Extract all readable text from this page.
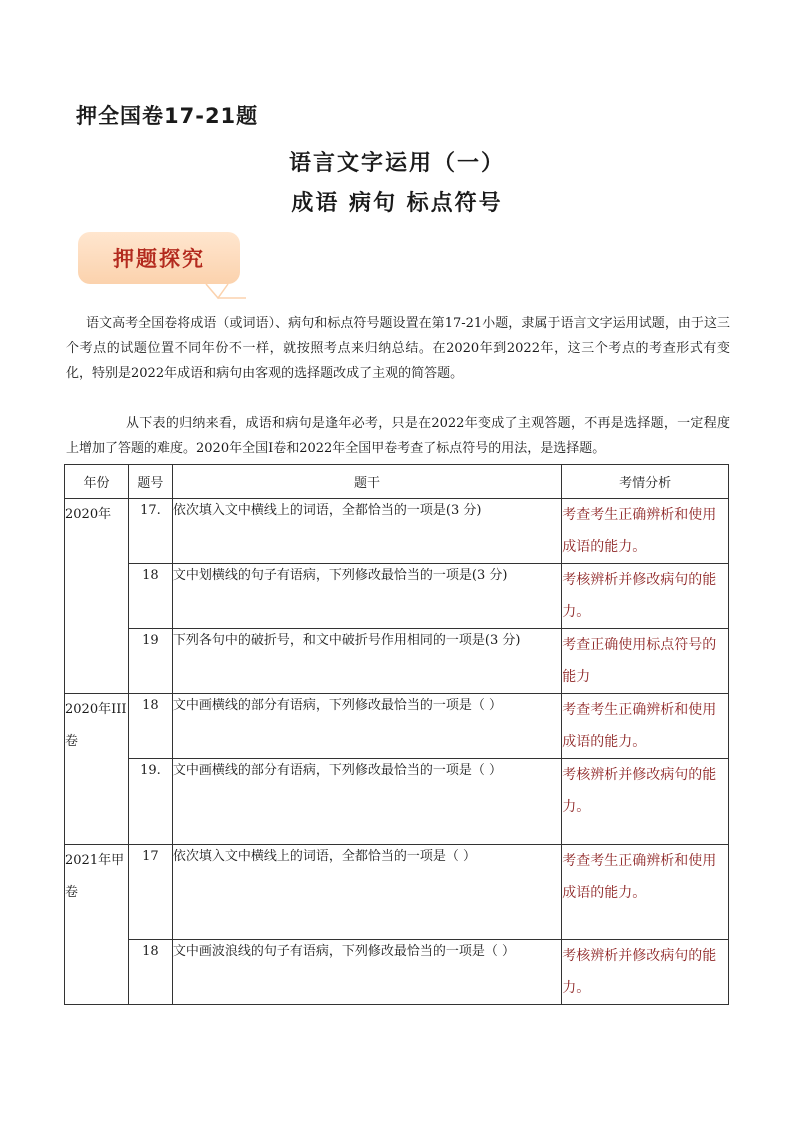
押全国卷17-21题
语言文字运用（一）
成语 病句 标点符号
押题探究
语文高考全国卷将成语（或词语）、病句和标点符号题设置在第17-21小题，隶属于语言文字运用试题，由于这三个考点的试题位置不同年份不一样，就按照考点来归纳总结。在2020年到2022年，这三个考点的考查形式有变化，特别是2022年成语和病句由客观的选择题改成了主观的简答题。
从下表的归纳来看，成语和病句是逢年必考，只是在2022年变成了主观答题，不再是选择题，一定程度上增加了答题的难度。2020年全国I卷和2022年全国甲卷考查了标点符号的用法，是选择题。
年份	题号	题干	考情分析
2020年	17.	依次填入文中横线上的词语，全都恰当的一项是(3 分)	考查考生正确辨析和使用成语的能力。
	18	文中划横线的句子有语病，下列修改最恰当的一项是(3 分)	考核辨析并修改病句的能力。
	19	下列各句中的破折号，和文中破折号作用相同的一项是(3 分)	考查正确使用标点符号的能力
2020年III卷	18	文中画横线的部分有语病，下列修改最恰当的一项是（ ）	考查考生正确辨析和使用成语的能力。
	19.	文中画横线的部分有语病，下列修改最恰当的一项是（ ）	考核辨析并修改病句的能力。
2021年甲卷	17	依次填入文中横线上的词语，全都恰当的一项是（ ）	考查考生正确辨析和使用成语的能力。
	18	文中画波浪线的句子有语病，下列修改最恰当的一项是（ ）	考核辨析并修改病句的能力。
